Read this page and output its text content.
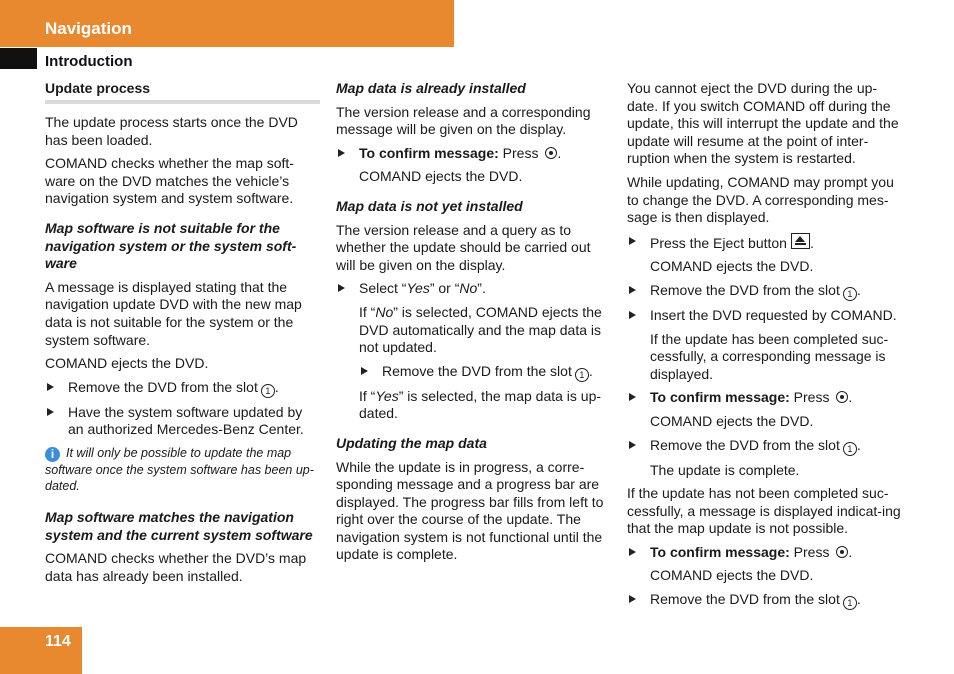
Navigation
Introduction
Update process

The update process starts once the DVD has been loaded.

COMAND checks whether the map soft-ware on the DVD matches the vehicle’s navigation system and system software.

Map software is not suitable for the navigation system or the system soft-ware

A message is displayed stating that the navigation update DVD with the new map data is not suitable for the system or the system software.

COMAND ejects the DVD.

Remove the DVD from the slot 1 .
Have the system software updated by an authorized Mercedes-Benz Center.

i It will only be possible to update the map software once the system software has been up-dated.

Map software matches the navigation system and the current system software

COMAND checks whether the DVD’s map data has already been installed.

Map data is already installed

The version release and a corresponding message will be given on the display.

To confirm message: Press .

COMAND ejects the DVD.

Map data is not yet installed

The version release and a query as to whether the update should be carried out will be given on the display.

Select “Yes” or “No”.

If “No” is selected, COMAND ejects the DVD automatically and the map data is not updated.

Remove the DVD from the slot 1 .

If “Yes” is selected, the map data is up-dated.

Updating the map data

While the update is in progress, a corre-sponding message and a progress bar are displayed. The progress bar fills from left to right over the course of the update. The navigation system is not functional until the update is complete.

You cannot eject the DVD during the up-date. If you switch COMAND off during the update, this will interrupt the update and the update will resume at the point of inter-ruption when the system is restarted.

While updating, COMAND may prompt you to change the DVD. A corresponding mes-sage is then displayed.

Press the Eject button .

COMAND ejects the DVD.

Remove the DVD from the slot 1 .
Insert the DVD requested by COMAND.

If the update has been completed suc-cessfully, a corresponding message is displayed.

To confirm message: Press .

COMAND ejects the DVD.

Remove the DVD from the slot 1 .

The update is complete.

If the update has not been completed suc-cessfully, a message is displayed indicat-ing that the map update is not possible.

To confirm message: Press .

COMAND ejects the DVD.

Remove the DVD from the slot 1 .
114
